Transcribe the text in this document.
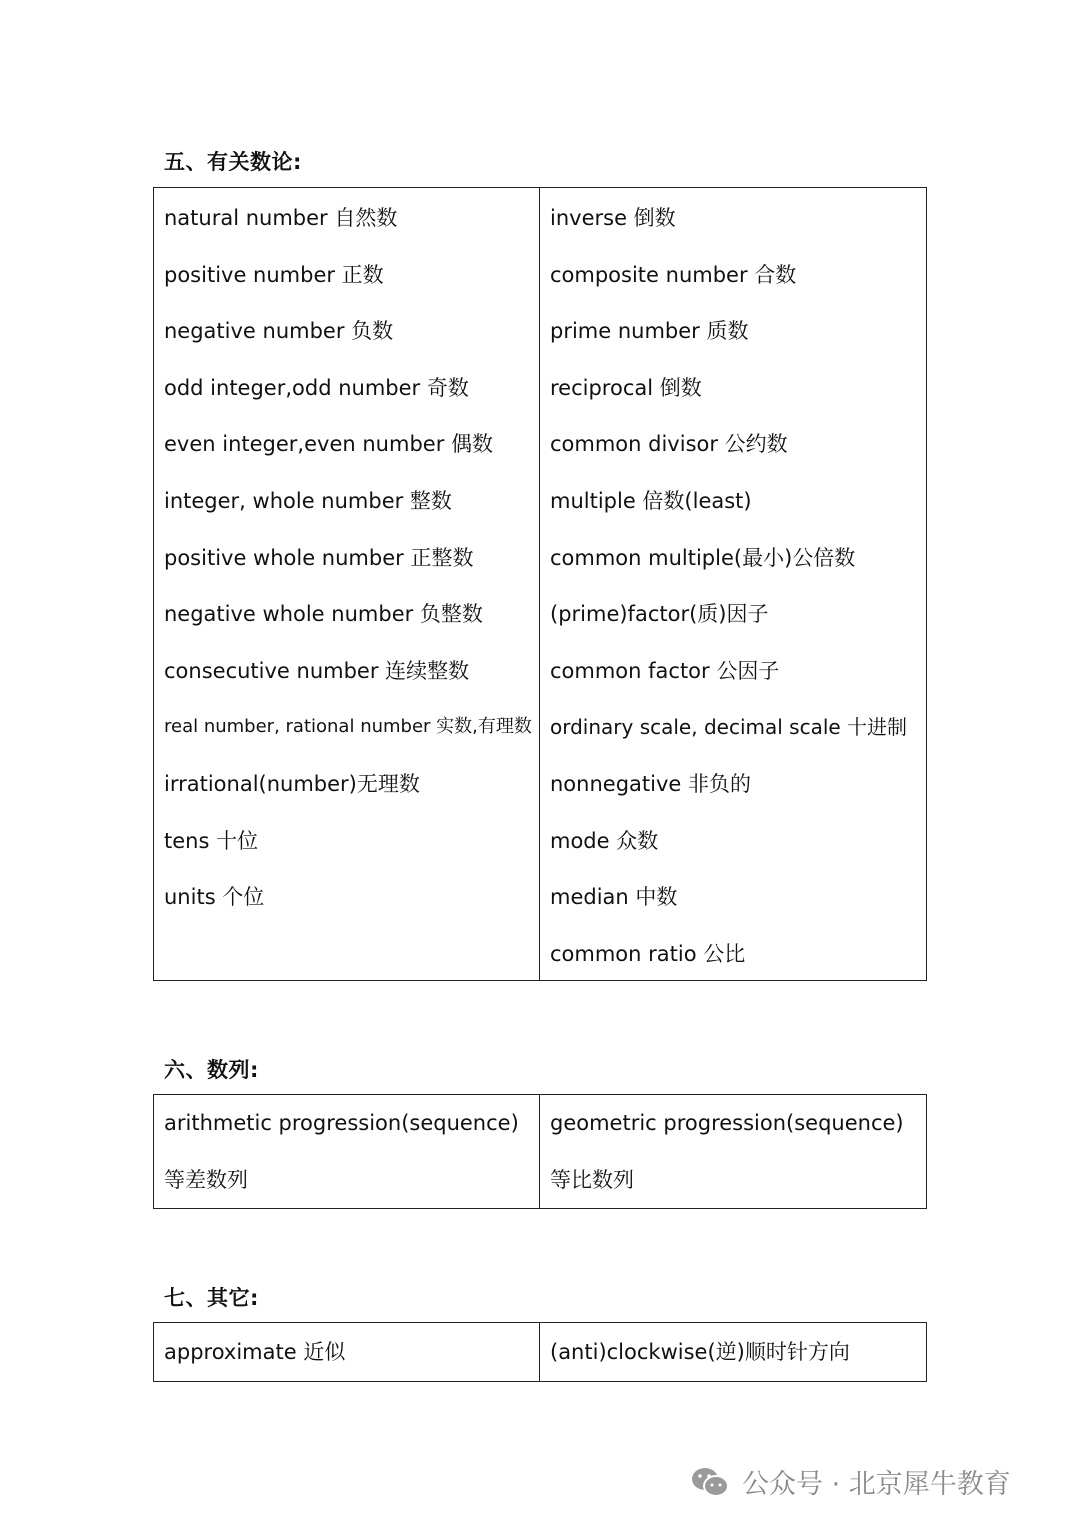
五、有关数论:
natural number 自然数
positive number 正数
negative number 负数
odd integer,odd number 奇数
even integer,even number 偶数
integer, whole number 整数
positive whole number 正整数
negative whole number 负整数
consecutive number 连续整数
real number, rational number 实数,有理数
irrational(number)无理数
tens 十位
units 个位
inverse 倒数
composite number 合数
prime number 质数
reciprocal 倒数
common divisor 公约数
multiple 倍数(least)
common multiple(最小)公倍数
(prime)factor(质)因子
common factor 公因子
ordinary scale, decimal scale 十进制
nonnegative 非负的
mode 众数
median 中数
common ratio 公比
六、数列:
arithmetic progression(sequence)
等差数列
geometric progression(sequence)
等比数列
七、其它:
approximate 近似	(anti)clockwise(逆)顺时针方向
公众号 · 北京犀牛教育
